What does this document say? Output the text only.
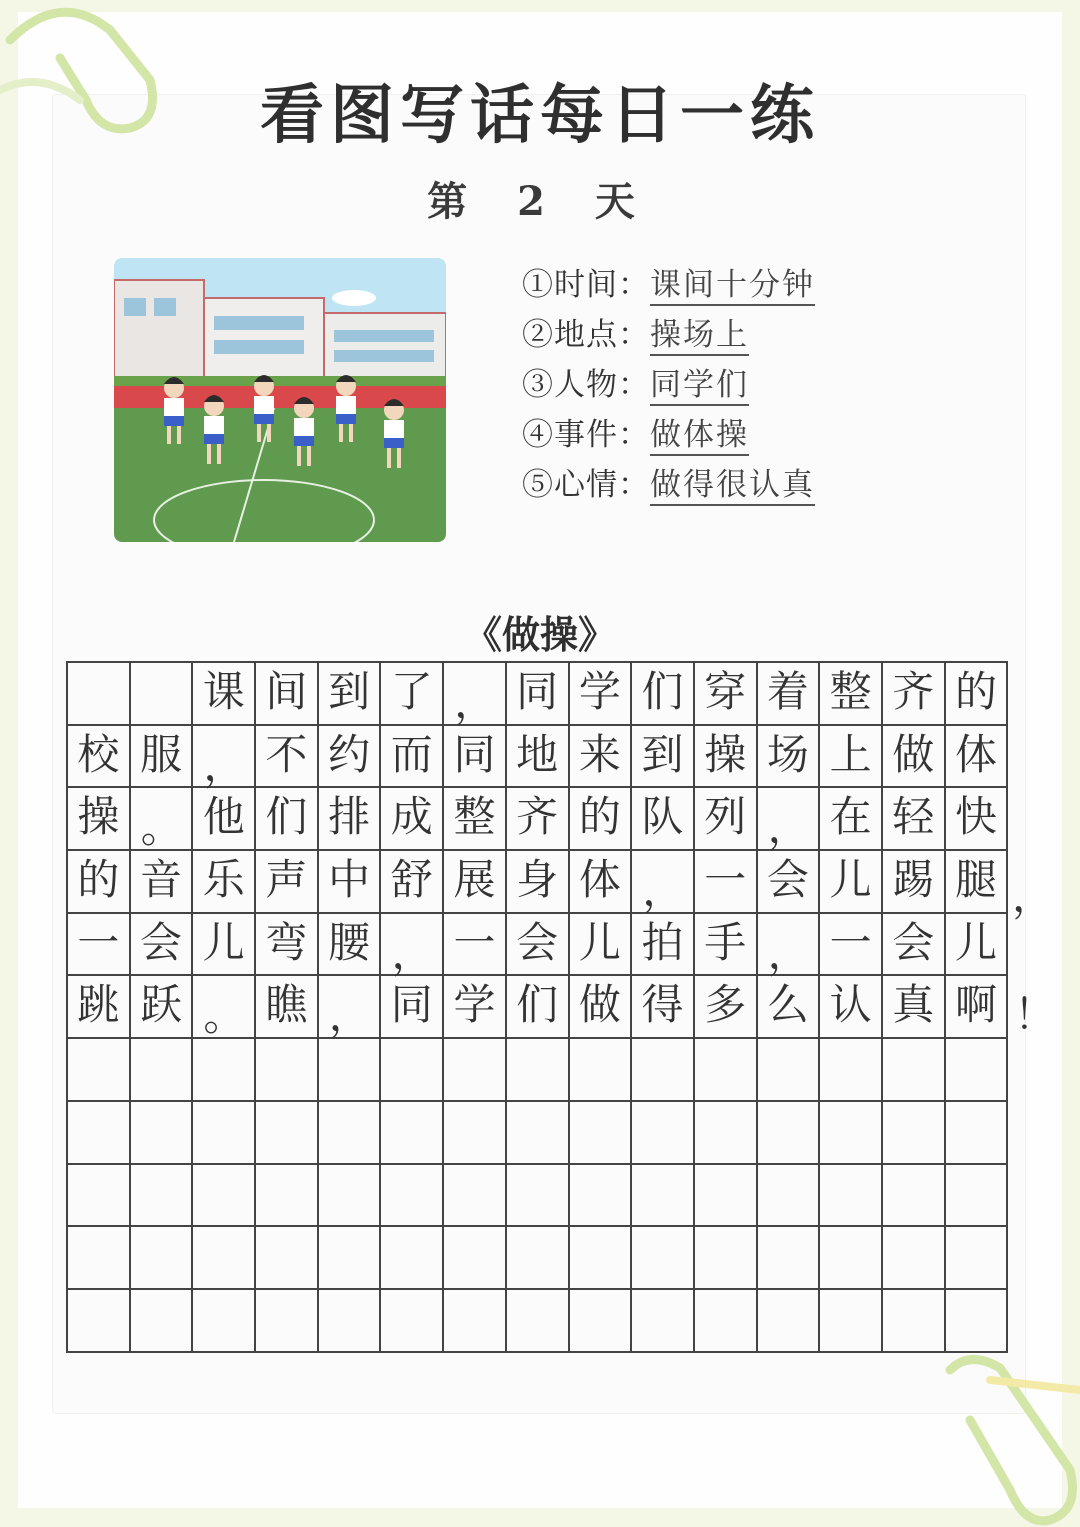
看图写话每日一练
第 2 天
①时间：课间十分钟
②地点：操场上
③人物：同学们
④事件：做体操
⑤心情：做得很认真
《做操》
课 间 到 了 ， 同 学 们 穿 着 整 齐 的
校 服 ， 不 约 而 同 地 来 到 操 场 上 做 体
操 。 他 们 排 成 整 齐 的 队 列 ， 在 轻 快
的 音 乐 声 中 舒 展 身 体 ， 一 会 儿 踢 腿
一 会 儿 弯 腰 ， 一 会 儿 拍 手 ， 一 会 儿
跳 跃 。 瞧 ， 同 学 们 做 得 多 么 认 真 啊
，
！
